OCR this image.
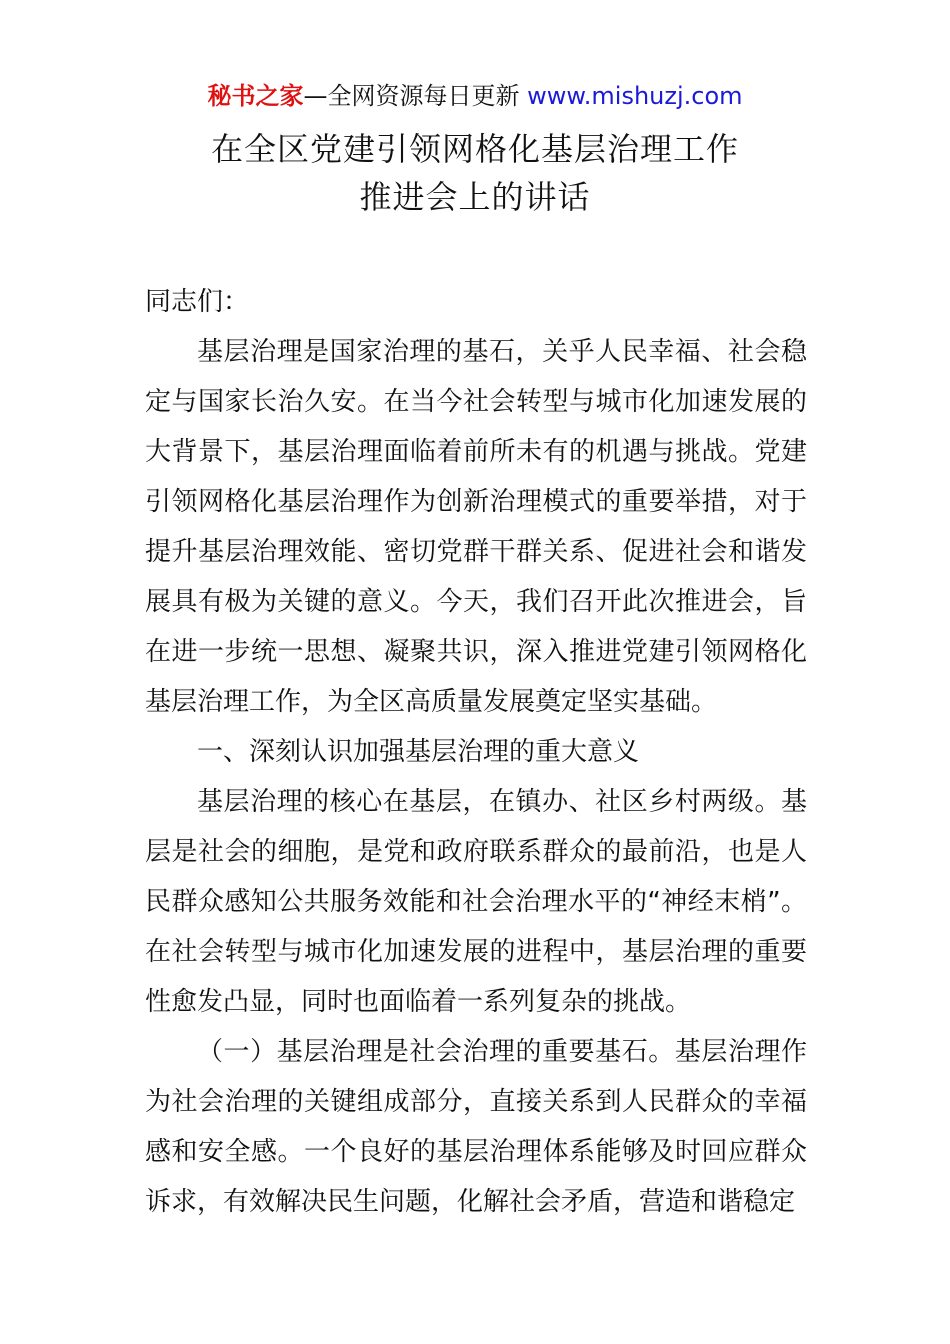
秘书之家—全网资源每日更新 www.mishuzj.com
在全区党建引领网格化基层治理工作
推进会上的讲话

同志们：

基层治理是国家治理的基石，关乎人民幸福、社会稳定与国家长治久安。在当今社会转型与城市化加速发展的大背景下，基层治理面临着前所未有的机遇与挑战。党建引领网格化基层治理作为创新治理模式的重要举措，对于提升基层治理效能、密切党群干群关系、促进社会和谐发展具有极为关键的意义。今天，我们召开此次推进会，旨在进一步统一思想、凝聚共识，深入推进党建引领网格化基层治理工作，为全区高质量发展奠定坚实基础。

一、深刻认识加强基层治理的重大意义

基层治理的核心在基层，在镇办、社区乡村两级。基层是社会的细胞，是党和政府联系群众的最前沿，也是人民群众感知公共服务效能和社会治理水平的“神经末梢”。在社会转型与城市化加速发展的进程中，基层治理的重要性愈发凸显，同时也面临着一系列复杂的挑战。

（一）基层治理是社会治理的重要基石。基层治理作为社会治理的关键组成部分，直接关系到人民群众的幸福感和安全感。一个良好的基层治理体系能够及时回应群众诉求，有效解决民生问题，化解社会矛盾，营造和谐稳定
